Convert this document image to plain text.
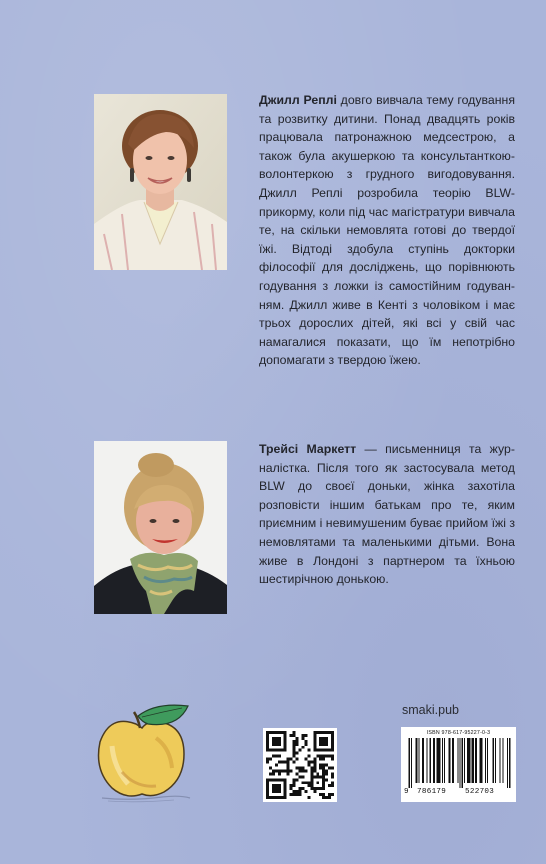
Джилл Реплі довго вивчала тему годування та розвитку дитини. Понад двадцять років працювала патронажною медсестрою, а також була акушеркою та консультанткою-волонтеркою з грудного вигодовування. Джилл Реплі розробила теорію BLW-прикорму, коли під час магістратури вивчала те, на скільки немовлята готові до твердої їжі. Відтоді здобула ступінь докторки філософії для досліджень, що порівнюють годування з ложки із самостійним годуванням. Джилл живе в Кенті з чоловіком і має трьох дорослих дітей, які всі у свій час намагалися показати, що їм непотрібно допомагати з твердою їжею.
Трейсі Маркетт — письменниця та журналістка. Після того як застосувала метод BLW до своєї доньки, жінка захотіла розповісти іншим батькам про те, яким приємним і невимушеним буває прийом їжі з немовлятами та маленькими дітьми. Вона живе в Лондоні з партнером та їхньою шестирічною донькою.
smaki.pub
ISBN 978-617-95227-0-3
9 786179 522703
